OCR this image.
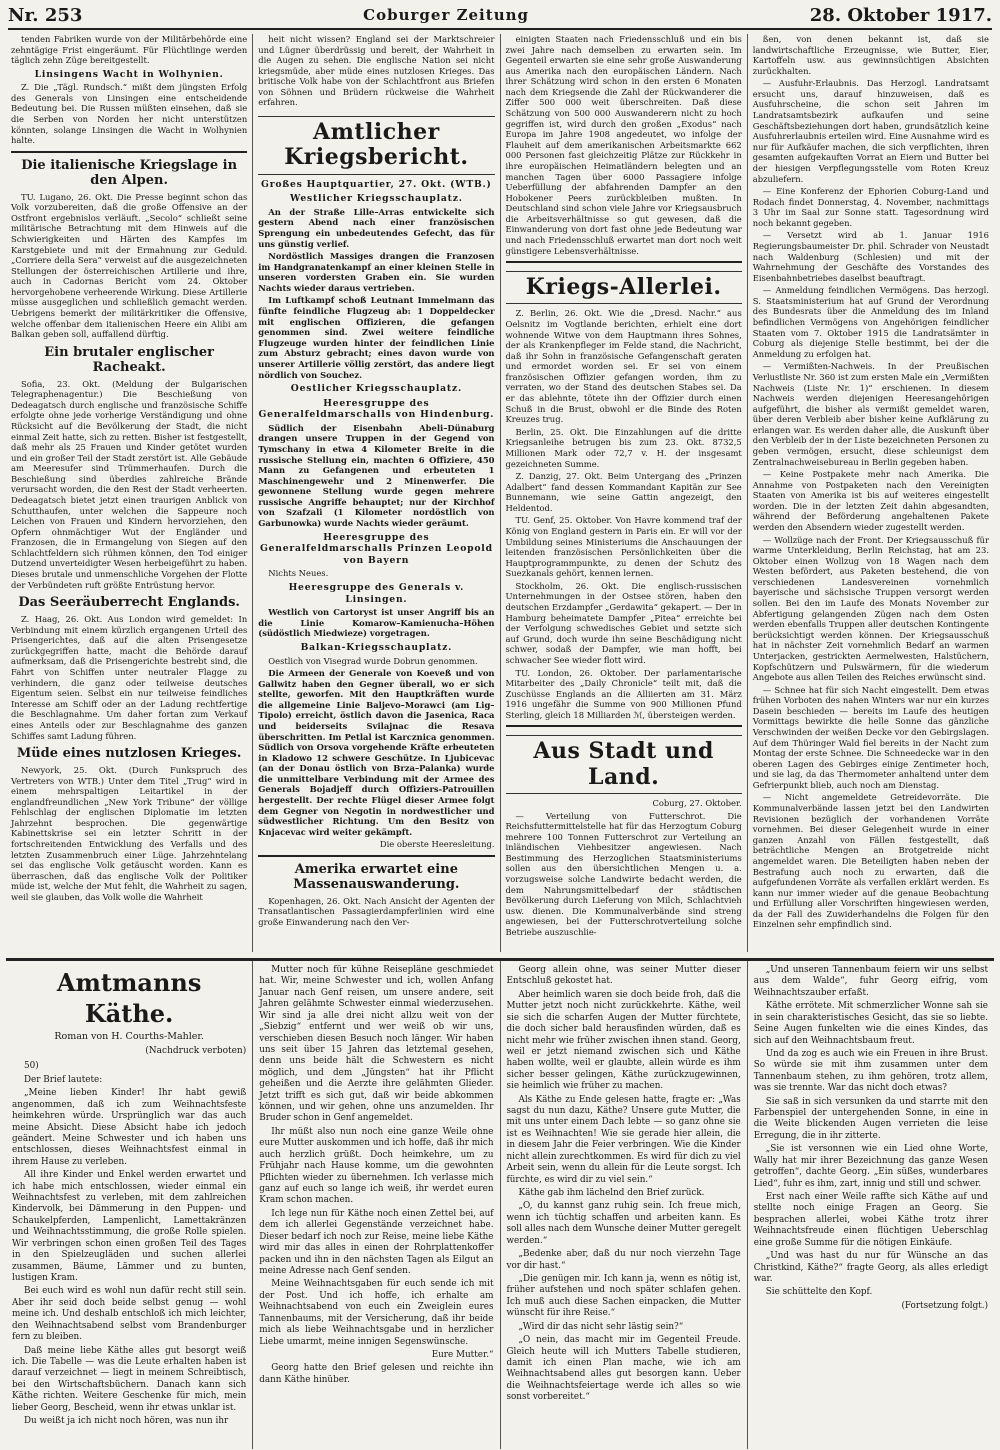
Nr. 253	Coburger Zeitung	28. Oktober 1917.

tenden Fabriken wurde von der Militärbehörde eine zehntägige Frist eingeräumt. Für Flüchtlinge werden täglich zehn Züge bereitgestellt.

Linsingens Wacht in Wolhynien.

Z. Die „Tägl. Rundsch.“ mißt dem jüngsten Erfolg des Generals von Linsingen eine entscheidende Bedeutung bei. Die Russen müßten einsehen, daß sie die Serben von Norden her nicht unterstützen könnten, solange Linsingen die Wacht in Wolhynien halte.

Die italienische Kriegslage in den Alpen.

TU. Lugano, 26. Okt. Die Presse beginnt schon das Volk vorzubereiten, daß die große Offensive an der Ostfront ergebnislos verläuft. „Secolo“ schließt seine militärische Betrachtung mit dem Hinweis auf die Schwierigkeiten und Härten des Kampfes im Karstgebiete und mit der Ermahnung zur Geduld. „Corriere della Sera“ verweist auf die ausgezeichneten Stellungen der österreichischen Artillerie und ihre, auch in Cadornas Bericht vom 24. Oktober hervorgehobene verheerende Wirkung. Diese Artillerie müsse ausgeglichen und schließlich gemacht werden. Uebrigens bemerkt der militärkritiker die Offensive, welche offenbar dem italienischen Heere ein Alibi am Balkan geben soll, auffallend dürftig.

Ein brutaler englischer Racheakt.

Sofia, 23. Okt. (Meldung der Bulgarischen Telegraphenagentur.) Die Beschießung von Dedeagatsch durch englische und französische Schiffe erfolgte ohne jede vorherige Verständigung und ohne Rücksicht auf die Bevölkerung der Stadt, die nicht einmal Zeit hatte, sich zu retten. Bisher ist festgestellt, daß mehr als 25 Frauen und Kinder getötet wurden und ein großer Teil der Stadt zerstört ist. Alle Gebäude am Meeresufer sind Trümmerhaufen. Durch die Beschießung sind überdies zahlreiche Brände verursacht worden, die den Rest der Stadt verheerten. Dedeagatsch bietet jetzt einen traurigen Anblick von Schutthaufen, unter welchen die Sappeure noch Leichen von Frauen und Kindern hervorziehen, den Opfern ohnmächtiger Wut der Engländer und Franzosen, die in Ermangelung von Siegen auf den Schlachtfeldern sich rühmen können, den Tod einiger Dutzend unverteidigter Wesen herbeigeführt zu haben. Dieses brutale und unmenschliche Vorgehen der Flotte der Verbündeten ruft größte Entrüstung hervor.

Das Seeräuberrecht Englands.

Z. Haag, 26. Okt. Aus London wird gemeldet: In Verbindung mit einem kürzlich ergangenen Urteil des Prisengerichtes, daß auf die alten Prisengesetze zurückgegriffen hatte, macht die Behörde darauf aufmerksam, daß die Prisengerichte bestrebt sind, die Fahrt von Schiffen unter neutraler Flagge zu verhindern, die ganz oder teilweise deutsches Eigentum seien. Selbst ein nur teilweise feindliches Interesse am Schiff oder an der Ladung rechtfertige die Beschlagnahme. Um daher fortan zum Verkauf eines Anteils oder zur Beschlagnahme des ganzen Schiffes samt Ladung führen.

Müde eines nutzlosen Krieges.

Newyork, 25. Okt. (Durch Funkspruch des Vertreters von WTB.) Unter dem Titel „Trug“ wird in einem mehrspaltigen Leitartikel in der englandfreundlichen „New York Tribune“ der völlige Fehlschlag der englischen Diplomatie im letzten Jahrzehnt besprochen. Die gegenwärtige Kabinettskrise sei ein letzter Schritt in der fortschreitenden Entwicklung des Verfalls und des letzten Zusammenbruch einer Lüge. Jahrzehntelang sei das englische Volk getäuscht worden. Kann es überraschen, daß das englische Volk der Politiker müde ist, welche der Mut fehlt, die Wahrheit zu sagen, weil sie glauben, das Volk wolle die Wahrheit

heit nicht wissen? England sei der Marktschreier und Lügner überdrüssig und bereit, der Wahrheit in die Augen zu sehen. Die englische Nation sei nicht kriegsmüde, aber müde eines nutzlosen Krieges. Das britische Volk habe von der Schlachtfront aus Briefen von Söhnen und Brüdern rückweise die Wahrheit erfahren.

Amtlicher Kriegsbericht.
Großes Hauptquartier, 27. Okt. (WTB.)
Westlicher Kriegsschauplatz.

An der Straße Lille–Arras entwickelte sich gestern Abend nach einer französischen Sprengung ein unbedeutendes Gefecht, das für uns günstig verlief.

Nordöstlich Massiges drangen die Franzosen im Handgranatenkampf an einer kleinen Stelle in unseren vordersten Graben ein. Sie wurden Nachts wieder daraus vertrieben.

Im Luftkampf schoß Leutnant Immelmann das fünfte feindliche Flugzeug ab: 1 Doppeldecker mit englischen Offizieren, die gefangen genommen sind. Zwei weitere feindliche Flugzeuge wurden hinter der feindlichen Linie zum Absturz gebracht; eines davon wurde von unserer Artillerie völlig zerstört, das andere liegt nördlich von Souchez.

Oestlicher Kriegsschauplatz.
Heeresgruppe des Generalfeldmarschalls von Hindenburg.

Südlich der Eisenbahn Abeli–Dünaburg drangen unsere Truppen in der Gegend von Tymschany in etwa 4 Kilometer Breite in die russische Stellung ein, machten 6 Offiziere, 450 Mann zu Gefangenen und erbeuteten 1 Maschinengewehr und 2 Minenwerfer. Die gewonnene Stellung wurde gegen mehrere russische Angriffe behauptet; nur der Kirchhof von Szafzali (1 Kilometer nordöstlich von Garbunowka) wurde Nachts wieder geräumt.

Heeresgruppe des Generalfeldmarschalls Prinzen Leopold von Bayern

Nichts Neues.

Heeresgruppe des Generals v. Linsingen.

Westlich von Cartoryst ist unser Angriff bis an die Linie Komarow–Kamienucha–Höhen (südöstlich Miedwieze) vorgetragen.

Balkan-Kriegsschauplatz.

Oestlich von Visegrad wurde Dobrun genommen.

Die Armeen der Generale von Koeveß und von Gallwitz haben den Gegner überall, wo er sich stellte, geworfen. Mit den Hauptkräften wurde die allgemeine Linie Baljevo–Morawci (am Lig–Tipolo) erreicht, östlich davon die Jasenica, Raca und beiderseits Svilajnac die Resava überschritten. Im Petlal ist Karcznica genommen. Südlich von Orsova vorgehende Kräfte erbeuteten in Kladowo 12 schwere Geschütze. In Ljubicevac (an der Donau östlich von Brza–Palanka) wurde die unmittelbare Verbindung mit der Armee des Generals Bojadjeff durch Offiziers-Patrouillen hergestellt. Der rechte Flügel dieser Armee folgt dem Gegner von Negotin in nordwestlicher und südwestlicher Richtung. Um den Besitz von Knjacevac wird weiter gekämpft.

Die oberste Heeresleitung.

Amerika erwartet eine Massenauswanderung.

Kopenhagen, 26. Okt. Nach Ansicht der Agenten der Transatlantischen Passagierdampferlinien wird eine große Einwanderung nach den Ver-

einigten Staaten nach Friedensschluß und ein bis zwei Jahre nach demselben zu erwarten sein. Im Gegenteil erwarten sie eine sehr große Auswanderung aus Amerika nach den europäischen Ländern. Nach ihrer Schätzung wird schon in den ersten 6 Monaten nach dem Kriegsende die Zahl der Rückwanderer die Ziffer 500 000 weit überschreiten. Daß diese Schätzung von 500 000 Auswanderern nicht zu hoch gegriffen ist, wird durch den großen „Exodus“ nach Europa im Jahre 1908 angedeutet, wo infolge der Flauheit auf dem amerikanischen Arbeitsmarkte 662 000 Personen fast gleichzeitig Plätze zur Rückkehr in ihre europäischen Heimatländern belegten und an manchen Tagen über 6000 Passagiere infolge Ueberfüllung der abfahrenden Dampfer an den Hobokener Peers zurückbleiben mußten. In Deutschland sind schon viele Jahre vor Kriegsausbruch die Arbeitsverhältnisse so gut gewesen, daß die Einwanderung von dort fast ohne jede Bedeutung war und nach Friedensschluß erwartet man dort noch weit günstigere Lebensverhältnisse.

Kriegs-Allerlei.

Z. Berlin, 26. Okt. Wie die „Dresd. Nachr.“ aus Oelsnitz im Vogtlande berichten, erhielt eine dort wohnende Witwe von dem Hauptmann ihres Sohnes, der als Krankenpfleger im Felde stand, die Nachricht, daß ihr Sohn in französische Gefangenschaft geraten und ermordet worden sei. Er sei von einem französischen Offizier gefangen worden, ihm zu verraten, wo der Stand des deutschen Stabes sei. Da er das ablehnte, tötete ihn der Offizier durch einen Schuß in die Brust, obwohl er die Binde des Roten Kreuzes trug.

Berlin, 25. Okt. Die Einzahlungen auf die dritte Kriegsanleihe betrugen bis zum 23. Okt. 8732,5 Millionen Mark oder 72,7 v. H. der insgesamt gezeichneten Summe.

Z. Danzig, 27. Okt. Beim Untergang des „Prinzen Adalbert“ fand dessen Kommandant Kapitän zur See Bunnemann, wie seine Gattin angezeigt, den Heldentod.

TU. Genf, 25. Oktober. Von Havre kommend traf der König von England gestern in Paris ein. Er will vor der Umbildung seines Ministeriums die Anschauungen der leitenden französischen Persönlichkeiten über die Hauptprogrammpunkte, zu denen der Schutz des Suezkanals gehört, kennen lernen.

Stockholm, 26. Okt. Die englisch-russischen Unternehmungen in der Ostsee stören, haben den deutschen Erzdampfer „Gerdawita“ gekapert. — Der in Hamburg beheimatete Dampfer „Pitea“ erreichte bei der Verfolgung schwedisches Gebiet und setzte sich auf Grund, doch wurde ihn seine Beschädigung nicht schwer, sodaß der Dampfer, wie man hofft, bei schwacher See wieder flott wird.

TU. London, 26. Oktober. Der parlamentarische Mitarbeiter des „Daily Chronicle“ teilt mit, daß die Zuschüsse Englands an die Alliierten am 31. März 1916 ungefähr die Summe von 900 Millionen Pfund Sterling, gleich 18 Milliarden ℳ, übersteigen werden.

Aus Stadt und Land.

Coburg, 27. Oktober.

— Verteilung von Futterschrot. Die Reichsfuttermittelstelle hat für das Herzogtum Coburg mehrere 100 Tonnen Futterschrot zur Verteilung an inländischen Viehbesitzer angewiesen. Nach Bestimmung des Herzoglichen Staatsministeriums sollen aus den übersichtlichen Mengen u. a. vorzugsweise solche Landwirte bedacht werden, die dem Nahrungsmittelbedarf der städtischen Bevölkerung durch Lieferung von Milch, Schlachtvieh usw. dienen. Die Kommunalverbände sind streng angewiesen, bei der Futterschrotverteilung solche Betriebe auszuschlie-

ßen, von denen bekannt ist, daß sie landwirtschaftliche Erzeugnisse, wie Butter, Eier, Kartoffeln usw. aus gewinnsüchtigen Absichten zurückhalten.

— Ausfuhr-Erlaubnis. Das Herzogl. Landratsamt ersucht uns, darauf hinzuweisen, daß es Ausfuhrscheine, die schon seit Jahren im Landratsamtsbezirk aufkaufen und seine Geschäftsbeziehungen dort haben, grundsätzlich keine Ausfuhrerlaubnis erteilen wird. Eine Ausnahme wird es nur für Aufkäufer machen, die sich verpflichten, ihren gesamten aufgekauften Vorrat an Eiern und Butter bei der hiesigen Verpflegungsstelle vom Roten Kreuz abzuliefern.

— Eine Konferenz der Ephorien Coburg-Land und Rodach findet Donnerstag, 4. November, nachmittags 3 Uhr im Saal zur Sonne statt. Tagesordnung wird noch bekannt gegeben.

— Versetzt wird ab 1. Januar 1916 Regierungsbaumeister Dr. phil. Schrader von Neustadt nach Waldenburg (Schlesien) und mit der Wahrnehmung der Geschäfte des Vorstandes des Eisenbahnbetriebes daselbst beauftragt.

— Anmeldung feindlichen Vermögens. Das herzogl. S. Staatsministerium hat auf Grund der Verordnung des Bundesrats über die Anmeldung des im Inland befindlichen Vermögens von Angehörigen feindlicher Staaten vom 7. Oktober 1915 die Landratsämter in Coburg als diejenige Stelle bestimmt, bei der die Anmeldung zu erfolgen hat.

— Vermißten-Nachweis. In der Preußischen Verlustliste Nr. 360 ist zum ersten Male ein „Vermißten Nachweis (Liste Nr. 1)“ erschienen. In diesem Nachweis werden diejenigen Heeresangehörigen aufgeführt, die bisher als vermißt gemeldet waren, über deren Verbleib aber bisher keine Aufklärung zu erlangen war. Es werden daher alle, die Auskunft über den Verbleib der in der Liste bezeichneten Personen zu geben vermögen, ersucht, diese schleunigst dem Zentralnachweisebureau in Berlin gegeben haben.

— Keine Postpakete mehr nach Amerika. Die Annahme von Postpaketen nach den Vereinigten Staaten von Amerika ist bis auf weiteres eingestellt worden. Die in der letzten Zeit dahin abgesandten, während der Beförderung angehaltenen Pakete werden den Absendern wieder zugestellt werden.

— Wollzüge nach der Front. Der Kriegsausschuß für warme Unterkleidung, Berlin Reichstag, hat am 23. Oktober einen Wollzug von 18 Wagen nach dem Westen befördert, aus Paketen bestehend, die von verschiedenen Landesvereinen vornehmlich bayerische und sächsische Truppen versorgt werden sollen. Bei den im Laufe des Monats November zur Abfertigung gelangenden Zügen nach dem Osten werden ebenfalls Truppen aller deutschen Kontingente berücksichtigt werden können. Der Kriegsausschuß hat in nächster Zeit vornehmlich Bedarf an warmen Unterjacken, gestrickten Aermelwesten, Halstüchern, Kopfschützern und Pulswärmern, für die wiederum Angebote aus allen Teilen des Reiches erwünscht sind.

— Schnee hat für sich Nacht eingestellt. Dem etwas frühen Vorboten des nahen Winters war nur ein kurzes Dasein beschieden — bereits im Laufe des heutigen Vormittags bewirkte die helle Sonne das gänzliche Verschwinden der weißen Decke vor den Gebirgslagen. Auf dem Thüringer Wald fiel bereits in der Nacht zum Montag der erste Schnee. Die Schneedecke war in den oberen Lagen des Gebirges einige Zentimeter hoch, und sie lag, da das Thermometer anhaltend unter dem Gefrierpunkt blieb, auch noch am Dienstag.

— Nicht angemeldete Getreidevorräte. Die Kommunalverbände lassen jetzt bei den Landwirten Revisionen bezüglich der vorhandenen Vorräte vornehmen. Bei dieser Gelegenheit wurde in einer ganzen Anzahl von Fällen festgestellt, daß beträchtliche Mengen an Brotgetreide nicht angemeldet waren. Die Beteiligten haben neben der Bestrafung auch noch zu erwarten, daß die aufgefundenen Vorräte als verfallen erklärt werden. Es kann nur immer wieder auf die genaue Beobachtung und Erfüllung aller Vorschriften hingewiesen werden, da der Fall des Zuwiderhandelns die Folgen für den Einzelnen sehr empfindlich sind.

Amtmanns Käthe.
Roman von H. Courths-Mahler.
(Nachdruck verboten)

50)

Der Brief lautete:

„Meine lieben Kinder! Ihr habt gewiß angenommen, daß ich zum Weihnachtsfeste heimkehren würde. Ursprünglich war das auch meine Absicht. Diese Absicht habe ich jedoch geändert. Meine Schwester und ich haben uns entschlossen, dieses Weihnachtsfest einmal in ihrem Hause zu verleben.

All ihre Kinder und Enkel werden erwartet und ich habe mich entschlossen, wieder einmal ein Weihnachtsfest zu verleben, mit dem zahlreichen Kindervolk, bei Dämmerung in den Puppen- und Schaukelpferden, Lampenlicht, Lamettakränzen und Weihnachtsstimmung, die große Rolle spielen. Wir verbringen schon einen großen Teil des Tages in den Spielzeugläden und suchen allerlei zusammen, Bäume, Lämmer und zu bunten, lustigen Kram.

Bei euch wird es wohl nun dafür recht still sein. Aber ihr seid doch beide selbst genug — wohl meine ich. Und deshalb entschloß ich mich leichter, den Weihnachtsabend selbst vom Brandenburger fern zu bleiben.

Daß meine liebe Käthe alles gut besorgt weiß ich. Die Tabelle — was die Leute erhalten haben ist darauf verzeichnet — liegt in meinem Schreibtisch, bei den Wirtschaftsbüchern. Danach kann sich Käthe richten. Weitere Geschenke für mich, mein lieber Georg, Bescheid, wenn ihr etwas unklar ist.

Du weißt ja ich nicht noch hören, was nun ihr

Mutter noch für kühne Reisepläne geschmiedet hat. Wir, meine Schwester und ich, wollen Anfang Januar nach Genf reisen, um unsere andere, seit Jahren gelähmte Schwester einmal wiederzusehen. Wir sind ja alle drei nicht allzu weit von der „Siebzig“ entfernt und wer weiß ob wir uns, verschieben diesen Besuch noch länger. Wir haben uns seit über 15 Jahren das letztemal gesehen, denn uns beide hält die Schwestern es nicht möglich, und dem „Jüngsten“ hat ihr Pflicht geheißen und die Aerzte ihre gelähmten Glieder. Jetzt trifft es sich gut, daß wir beide abkommen können, und wir gehen, ohne uns anzumelden. Ihr Bruder schon in Genf angemeldet.

Ihr müßt also nun noch eine ganze Weile ohne eure Mutter auskommen und ich hoffe, daß ihr mich auch herzlich grüßt. Doch heimkehre, um zu Frühjahr nach Hause komme, um die gewohnten Pflichten wieder zu übernehmen. Ich verlasse mich ganz auf euch so lange ich weiß, ihr werdet euren Kram schon machen.

Ich lege nun für Käthe noch einen Zettel bei, auf dem ich allerlei Gegenstände verzeichnet habe. Dieser bedarf ich noch zur Reise, meine liebe Käthe wird mir das alles in einen der Rohrplattenkoffer packen und ihn in den nächsten Tagen als Eilgut an meine Adresse nach Genf senden.

Meine Weihnachtsgaben für euch sende ich mit der Post. Und ich hoffe, ich erhalte am Weihnachtsabend von euch ein Zweiglein eures Tannenbaums, mit der Versicherung, daß ihr beide mich als liebe Weihnachtsgabe und in herzlicher Liebe umarmt, meine innigen Segenswünsche.

Eure Mutter.“

Georg hatte den Brief gelesen und reichte ihn dann Käthe hinüber.

Georg allein ohne, was seiner Mutter dieser Entschluß gekostet hat.

Aber heimlich waren sie doch beide froh, daß die Mutter jetzt noch nicht zurückkehrte. Käthe, weil sie sich die scharfen Augen der Mutter fürchtete, die doch sicher bald herausfinden würden, daß es nicht mehr wie früher zwischen ihnen stand. Georg, weil er jetzt niemand zwischen sich und Käthe haben wollte, weil er glaubte, allein würde es ihm sicher besser gelingen, Käthe zurückzugewinnen, sie heimlich wie früher zu machen.

Als Käthe zu Ende gelesen hatte, fragte er: „Was sagst du nun dazu, Käthe? Unsere gute Mutter, die mit uns unter einem Dach lebte — so ganz ohne sie ist es Weihnachten! Wie sie gerade hier allein, die in diesem Jahr die Feier verbringen. Wie die Kinder nicht allein zurechtkommen. Es wird für dich zu viel Arbeit sein, wenn du allein für die Leute sorgst. Ich fürchte, es wird dir zu viel sein.“

Käthe gab ihm lächelnd den Brief zurück.

„O, du kannst ganz ruhig sein. Ich freue mich, wenn ich tüchtig schaffen und arbeiten kann. Es soll alles nach dem Wunsche deiner Mutter geregelt werden.“

„Bedenke aber, daß du nur noch vierzehn Tage vor dir hast.“

„Die genügen mir. Ich kann ja, wenn es nötig ist, früher aufstehen und noch später schlafen gehen. Ich muß auch diese Sachen einpacken, die Mutter wünscht für ihre Reise.“

„Wird dir das nicht sehr lästig sein?“

„O nein, das macht mir im Gegenteil Freude. Gleich heute will ich Mutters Tabelle studieren, damit ich einen Plan mache, wie ich am Weihnachtsabend alles gut besorgen kann. Ueber die Weihnachtsfeiertage werde ich alles so wie sonst vorbereitet.“

„Und unseren Tannenbaum feiern wir uns selbst aus dem Walde“, fuhr Georg eifrig, vom Weihnachtszauber erfaßt.

Käthe errötete. Mit schmerzlicher Wonne sah sie in sein charakteristisches Gesicht, das sie so liebte. Seine Augen funkelten wie die eines Kindes, das sich auf den Weihnachtsbaum freut.

Und da zog es auch wie ein Freuen in ihre Brust. So würde sie mit ihm zusammen unter dem Tannenbaum stehen, zu ihm gehören, trotz allem, was sie trennte. War das nicht doch etwas?

Sie saß in sich versunken da und starrte mit den Farbenspiel der untergehenden Sonne, in eine in die Weite blickenden Augen verrieten die leise Erregung, die in ihr zitterte.

„Sie ist versonnen wie ein Lied ohne Worte, Wally hat mir ihrer Bezeichnung das ganze Wesen getroffen“, dachte Georg. „Ein süßes, wunderbares Lied“, fuhr es ihm, zart, innig und still und schwer.

Erst nach einer Weile raffte sich Käthe auf und stellte noch einige Fragen an Georg. Sie besprachen allerlei, wobei Käthe trotz ihrer Weihnachtsfreude einen flüchtigen Ueberschlag eine große Summe für die nötigen Einkäufe.

„Und was hast du nur für Wünsche an das Christkind, Käthe?“ fragte Georg, als alles erledigt war.

Sie schüttelte den Kopf.

(Fortsetzung folgt.)
